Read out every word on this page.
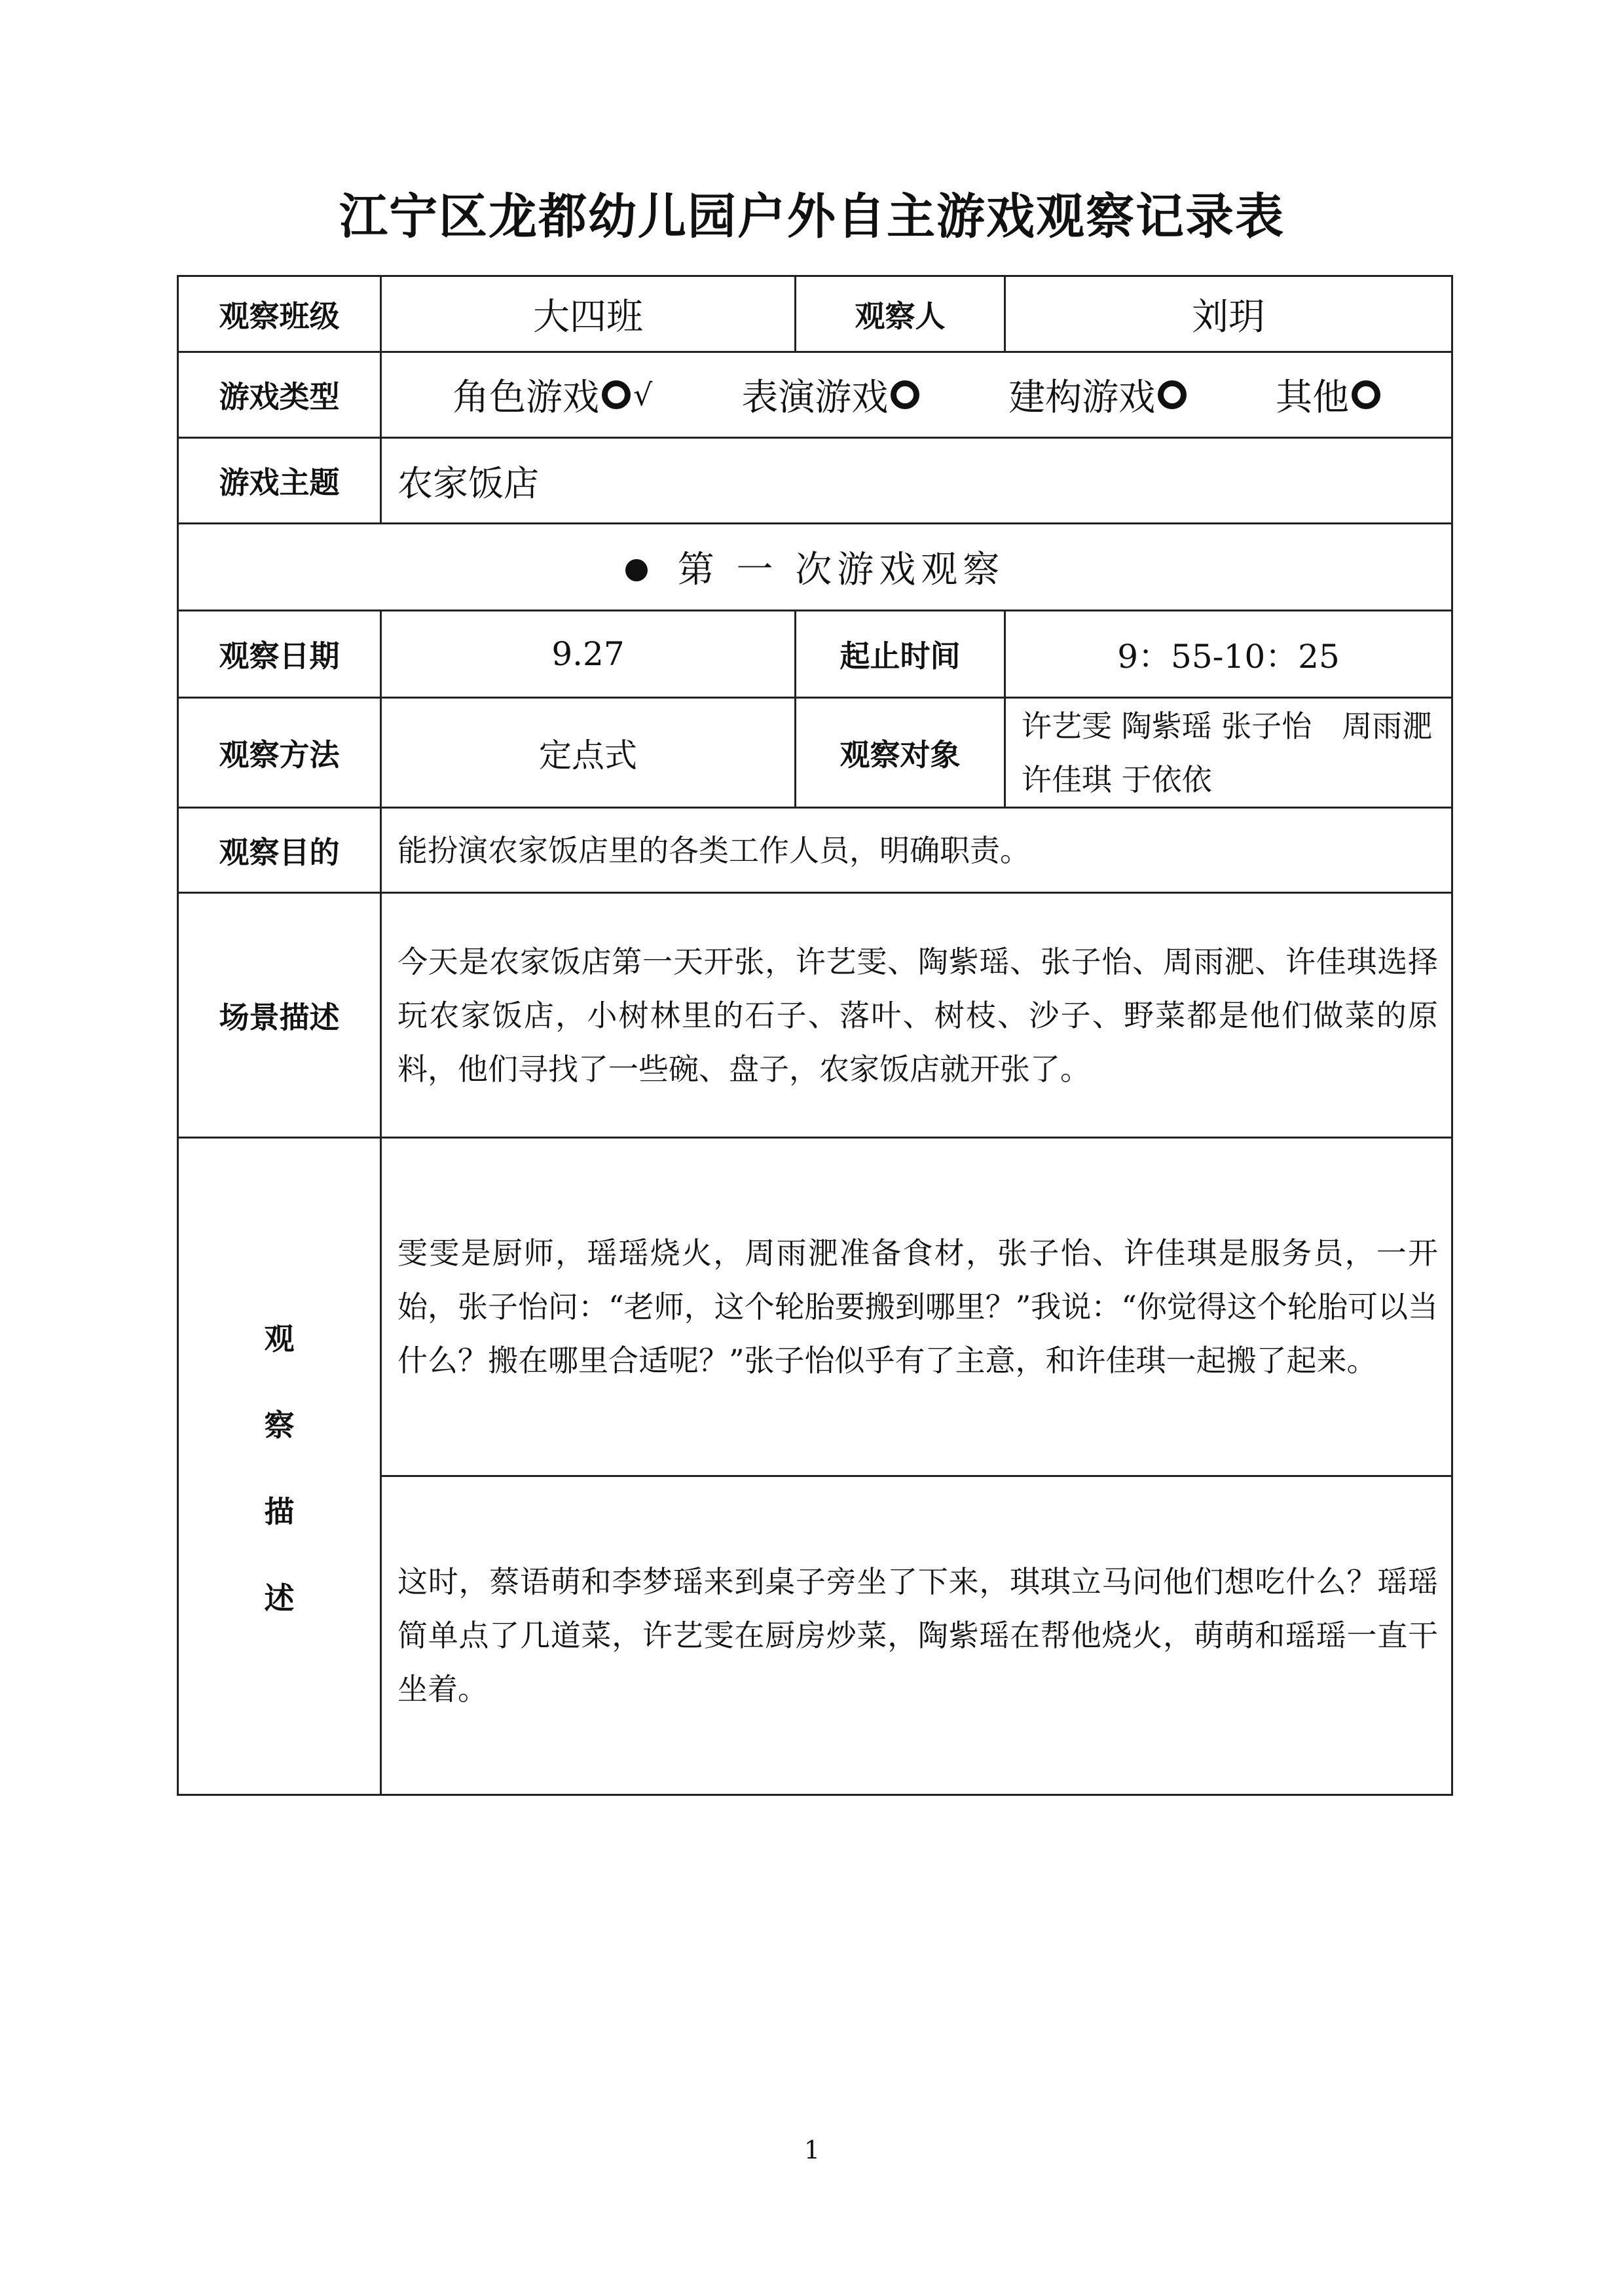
江宁区龙都幼儿园户外自主游戏观察记录表
观察班级	大四班	观察人	刘玥
游戏类型	角色游戏 √ 表演游戏 建构游戏 其他		

游戏主题	农家饭店		
第 一 次游戏观察			
观察日期	9.27	起止时间	9：55-10：25
观察方法	定点式	观察对象	许艺雯 陶紫瑶 张子怡　周雨淝 许佳琪 于依依
观察目的	能扮演农家饭店里的各类工作人员，明确职责。		
场景描述	今天是农家饭店第一天开张，许艺雯、陶紫瑶、张子怡、周雨淝、许佳琪选择玩农家饭店，小树林里的石子、落叶、树枝、沙子、野菜都是他们做菜的原料，他们寻找了一些碗、盘子，农家饭店就开张了。		

观
察
描
述	雯雯是厨师，瑶瑶烧火，周雨淝准备食材，张子怡、许佳琪是服务员，一开始，张子怡问：“老师，这个轮胎要搬到哪里？”我说：“你觉得这个轮胎可以当什么？搬在哪里合适呢？”张子怡似乎有了主意，和许佳琪一起搬了起来。		
	这时，蔡语萌和李梦瑶来到桌子旁坐了下来，琪琪立马问他们想吃什么？瑶瑶简单点了几道菜，许艺雯在厨房炒菜，陶紫瑶在帮他烧火，萌萌和瑶瑶一直干坐着。		
1
